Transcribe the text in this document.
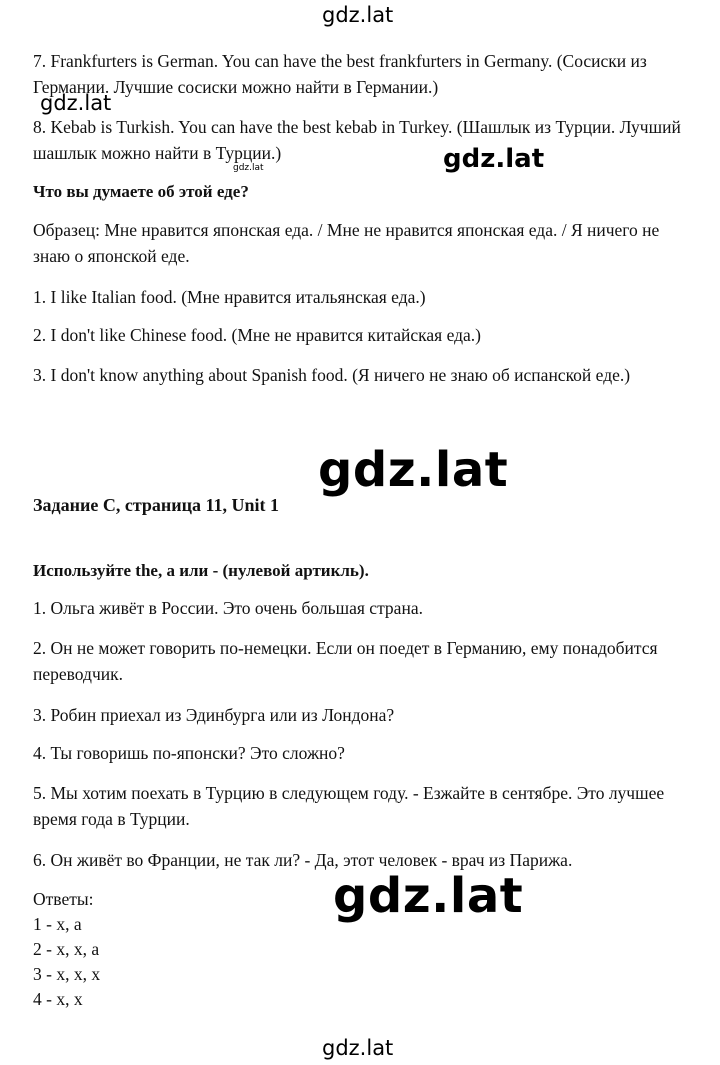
gdz.lat

7. Frankfurters is German. You can have the best frankfurters in Germany. (Сосиски из Германии. Лучшие сосиски можно найти в Германии.)

gdz.lat

8. Kebab is Turkish. You can have the best kebab in Turkey. (Шашлык из Турции. Лучший шашлык можно найти в Турции.)

gdz.lat	gdz.lat

Что вы думаете об этой еде?

Образец: Мне нравится японская еда. / Мне не нравится японская еда. / Я ничего не знаю о японской еде.

1. I like Italian food. (Мне нравится итальянская еда.)

2. I don't like Chinese food. (Мне не нравится китайская еда.)

3. I don't know anything about Spanish food. (Я ничего не знаю об испанской еде.)

Задание С, страница 11, Unit 1

gdz.lat

Используйте the, а или - (нулевой артикль).

1. Ольга живёт в России. Это очень большая страна.

2. Он не может говорить по-немецки. Если он поедет в Германию, ему понадобится переводчик.

3. Робин приехал из Эдинбурга или из Лондона?

4. Ты говоришь по-японски? Это сложно?

5. Мы хотим поехать в Турцию в следующем году. - Езжайте в сентябре. Это лучшее время года в Турции.

6. Он живёт во Франции, не так ли? - Да, этот человек - врач из Парижа.

Ответы:
1 - x, a
2 - x, x, a
3 - x, x, x
4 - x, x
gdz.lat
gdz.lat
